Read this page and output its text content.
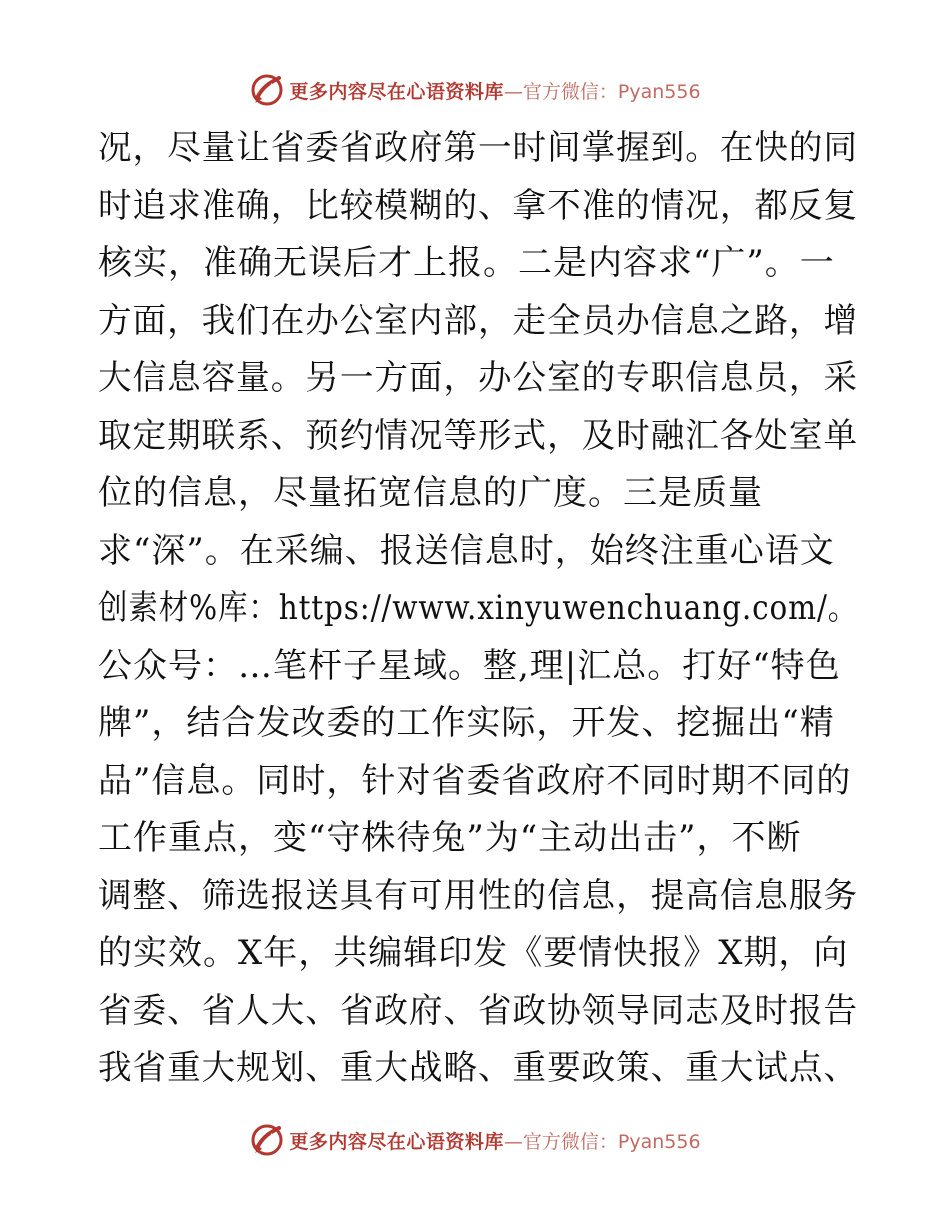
更多内容尽在心语资料库 —官方微信：Pyan556
况，尽量让省委省政府第一时间掌握到。在快的同
时追求准确，比较模糊的、拿不准的情况，都反复
核实，准确无误后才上报。二是内容求“广”。一
方面，我们在办公室内部，走全员办信息之路，增
大信息容量。另一方面，办公室的专职信息员，采
取定期联系、预约情况等形式，及时融汇各处室单
位的信息，尽量拓宽信息的广度。三是质量
求“深”。在采编、报送信息时，始终注重心语文
创素材%库：https://www.xinyuwenchuang.com/。
公众号：…笔杆子星域。整,理|汇总。打好“特色
牌”，结合发改委的工作实际，开发、挖掘出“精
品”信息。同时，针对省委省政府不同时期不同的
工作重点，变“守株待兔”为“主动出击”，不断
调整、筛选报送具有可用性的信息，提高信息服务
的实效。X年，共编辑印发《要情快报》X期，向
省委、省人大、省政府、省政协领导同志及时报告
我省重大规划、重大战略、重要政策、重大试点、
更多内容尽在心语资料库 —官方微信：Pyan556
